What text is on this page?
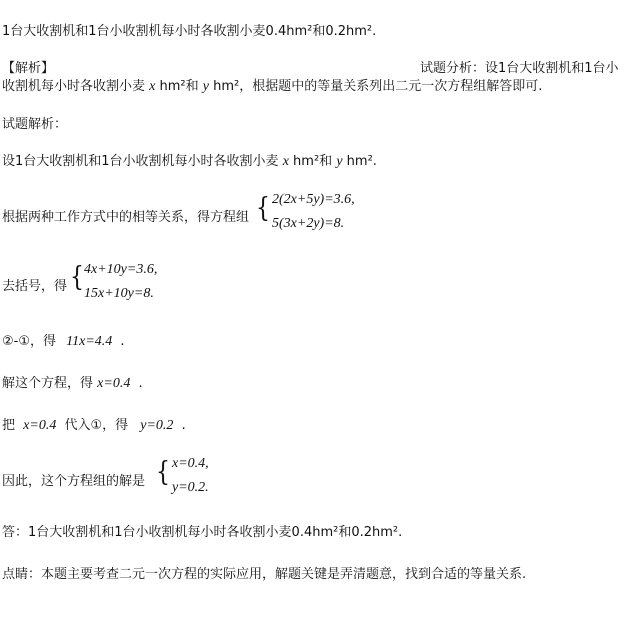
1台大收割机和1台小收割机每小时各收割小麦0.4hm²和0.2hm².
【解析】	试题分析：设1台大收割机和1台小
收割机每小时各收割小麦 x hm²和 y hm²，根据题中的等量关系列出二元一次方程组解答即可.
试题解析：
设1台大收割机和1台小收割机每小时各收割小麦 x hm²和 y hm².
根据两种工作方式中的相等关系，得方程组 { 2(2x+5y)=3.6,
5(3x+2y)=8.
去括号，得 { 4x+10y=3.6,
15x+10y=8.
②-①，得 11x=4.4 .
解这个方程，得 x=0.4 .
把 x=0.4 代入①，得 y=0.2 .
因此，这个方程组的解是 { x=0.4,
y=0.2.
答：1台大收割机和1台小收割机每小时各收割小麦0.4hm²和0.2hm².
点睛：本题主要考查二元一次方程的实际应用，解题关键是弄清题意，找到合适的等量关系.
